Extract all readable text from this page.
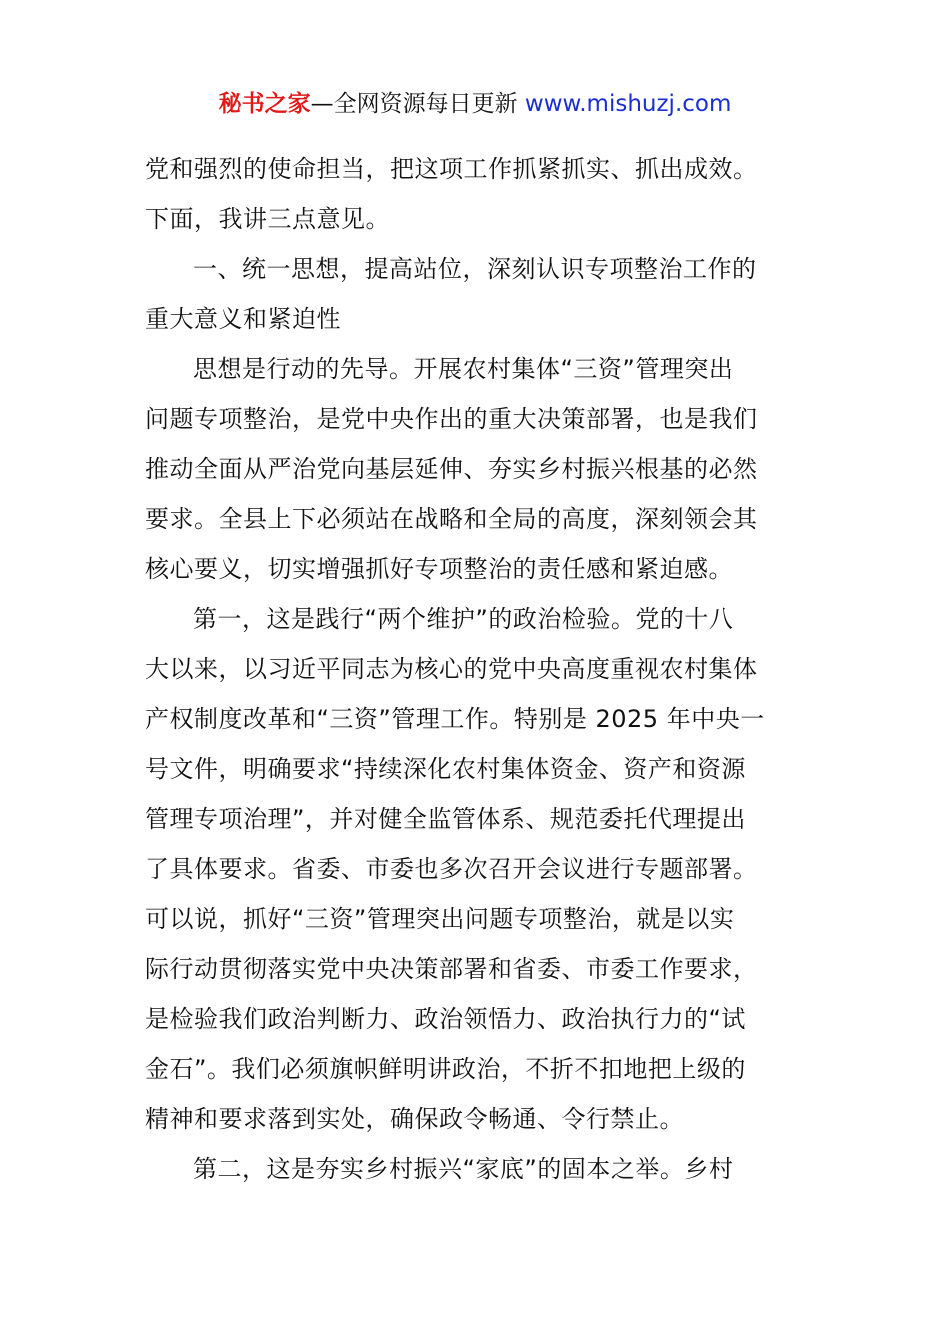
秘书之家—全网资源每日更新 www.mishuzj.com
党和强烈的使命担当，把这项工作抓紧抓实、抓出成效。
下面，我讲三点意见。
一、统一思想，提高站位，深刻认识专项整治工作的
重大意义和紧迫性
思想是行动的先导。开展农村集体“三资”管理突出
问题专项整治，是党中央作出的重大决策部署，也是我们
推动全面从严治党向基层延伸、夯实乡村振兴根基的必然
要求。全县上下必须站在战略和全局的高度，深刻领会其
核心要义，切实增强抓好专项整治的责任感和紧迫感。
第一，这是践行“两个维护”的政治检验。党的十八
大以来，以习近平同志为核心的党中央高度重视农村集体
产权制度改革和“三资”管理工作。特别是 2025 年中央一
号文件，明确要求“持续深化农村集体资金、资产和资源
管理专项治理”，并对健全监管体系、规范委托代理提出
了具体要求。省委、市委也多次召开会议进行专题部署。
可以说，抓好“三资”管理突出问题专项整治，就是以实
际行动贯彻落实党中央决策部署和省委、市委工作要求，
是检验我们政治判断力、政治领悟力、政治执行力的“试
金石”。我们必须旗帜鲜明讲政治，不折不扣地把上级的
精神和要求落到实处，确保政令畅通、令行禁止。
第二，这是夯实乡村振兴“家底”的固本之举。乡村
